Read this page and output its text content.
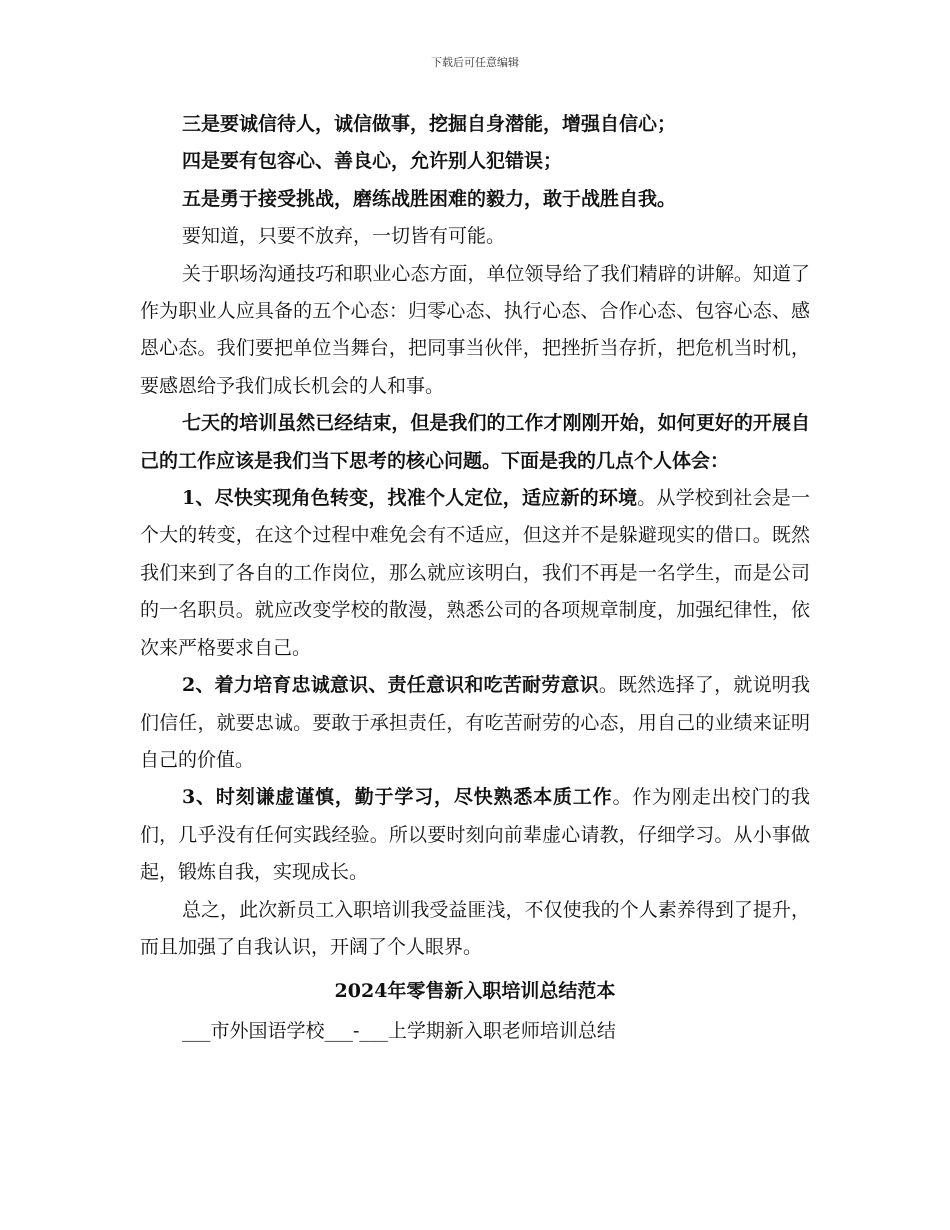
下载后可任意编辑

三是要诚信待人，诚信做事，挖掘自身潜能，增强自信心；

四是要有包容心、善良心，允许别人犯错误；

五是勇于接受挑战，磨练战胜困难的毅力，敢于战胜自我。

要知道，只要不放弃，一切皆有可能。

关于职场沟通技巧和职业心态方面，单位领导给了我们精辟的讲解。知道了作为职业人应具备的五个心态：归零心态、执行心态、合作心态、包容心态、感恩心态。我们要把单位当舞台，把同事当伙伴，把挫折当存折，把危机当时机，要感恩给予我们成长机会的人和事。

七天的培训虽然已经结束，但是我们的工作才刚刚开始，如何更好的开展自己的工作应该是我们当下思考的核心问题。下面是我的几点个人体会：

1、尽快实现角色转变，找准个人定位，适应新的环境。从学校到社会是一个大的转变，在这个过程中难免会有不适应，但这并不是躲避现实的借口。既然我们来到了各自的工作岗位，那么就应该明白，我们不再是一名学生，而是公司的一名职员。就应改变学校的散漫，熟悉公司的各项规章制度，加强纪律性，依次来严格要求自己。

2、着力培育忠诚意识、责任意识和吃苦耐劳意识。既然选择了，就说明我们信任，就要忠诚。要敢于承担责任，有吃苦耐劳的心态，用自己的业绩来证明自己的价值。

3、时刻谦虚谨慎，勤于学习，尽快熟悉本质工作。作为刚走出校门的我们，几乎没有任何实践经验。所以要时刻向前辈虚心请教，仔细学习。从小事做起，锻炼自我，实现成长。

总之，此次新员工入职培训我受益匪浅，不仅使我的个人素养得到了提升，而且加强了自我认识，开阔了个人眼界。

2024年零售新入职培训总结范本

___市外国语学校___-___上学期新入职老师培训总结
